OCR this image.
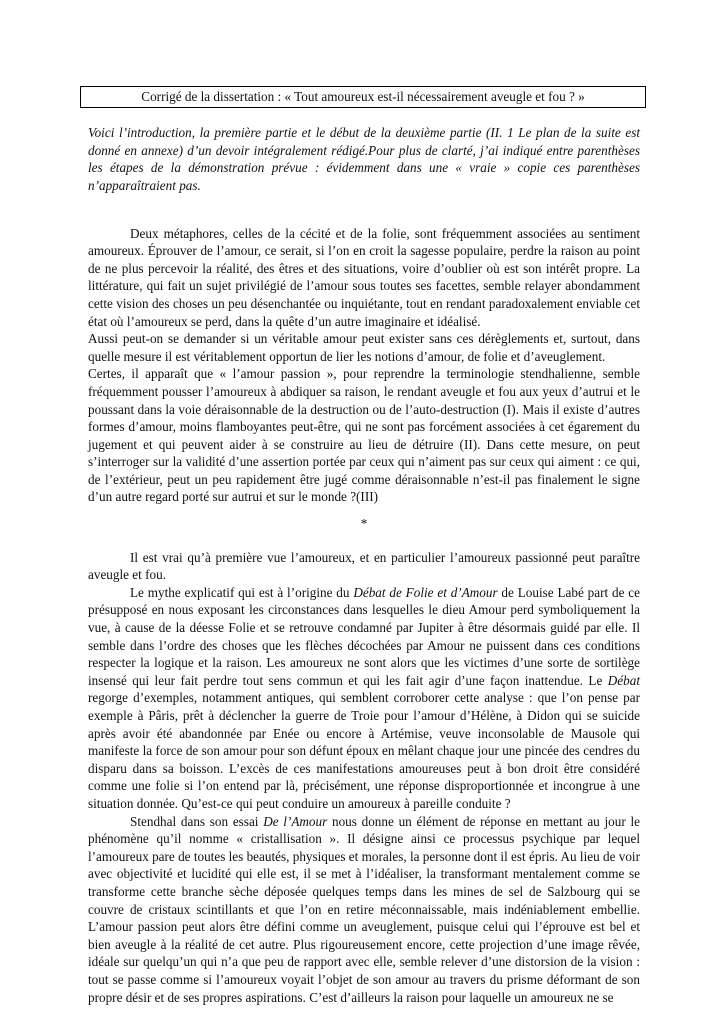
Corrigé de la dissertation : « Tout amoureux est-il nécessairement aveugle et fou ? »

Voici l’introduction, la première partie et le début de la deuxième partie (II. 1 Le plan de la suite est donné en annexe) d’un devoir intégralement rédigé.Pour plus de clarté, j’ai indiqué entre parenthèses les étapes de la démonstration prévue : évidemment dans une « vraie » copie ces parenthèses n’apparaîtraient pas.

Deux métaphores, celles de la cécité et de la folie, sont fréquemment associées au sentiment amoureux. Éprouver de l’amour, ce serait, si l’on en croit la sagesse populaire, perdre la raison au point de ne plus percevoir la réalité, des êtres et des situations, voire d’oublier où est son intérêt propre. La littérature, qui fait un sujet privilégié de l’amour sous toutes ses facettes, semble relayer abondamment cette vision des choses un peu désenchantée ou inquiétante, tout en rendant paradoxalement enviable cet état où l’amoureux se perd, dans la quête d’un autre imaginaire et idéalisé.

Aussi peut-on se demander si un véritable amour peut exister sans ces dérèglements et, surtout, dans quelle mesure il est véritablement opportun de lier les notions d’amour, de folie et d’aveuglement.

Certes, il apparaît que « l’amour passion », pour reprendre la terminologie stendhalienne, semble fréquemment pousser l’amoureux à abdiquer sa raison, le rendant aveugle et fou aux yeux d’autrui et le poussant dans la voie déraisonnable de la destruction ou de l’auto-destruction (I). Mais il existe d’autres formes d’amour, moins flamboyantes peut-être, qui ne sont pas forcément associées à cet égarement du jugement et qui peuvent aider à se construire au lieu de détruire (II). Dans cette mesure, on peut s’interroger sur la validité d’une assertion portée par ceux qui n’aiment pas sur ceux qui aiment : ce qui, de l’extérieur, peut un peu rapidement être jugé comme déraisonnable n’est-il pas finalement le signe d’un autre regard porté sur autrui et sur le monde ?(III)

*

Il est vrai qu’à première vue l’amoureux, et en particulier l’amoureux passionné peut paraître aveugle et fou.

Le mythe explicatif qui est à l’origine du Débat de Folie et d’Amour de Louise Labé part de ce présupposé en nous exposant les circonstances dans lesquelles le dieu Amour perd symboliquement la vue, à cause de la déesse Folie et se retrouve condamné par Jupiter à être désormais guidé par elle. Il semble dans l’ordre des choses que les flèches décochées par Amour ne puissent dans ces conditions respecter la logique et la raison. Les amoureux ne sont alors que les victimes d’une sorte de sortilège insensé qui leur fait perdre tout sens commun et qui les fait agir d’une façon inattendue. Le Débat regorge d’exemples, notamment antiques, qui semblent corroborer cette analyse : que l’on pense par exemple à Pâris, prêt à déclencher la guerre de Troie pour l’amour d’Hélène, à Didon qui se suicide après avoir été abandonnée par Enée ou encore à Artémise, veuve inconsolable de Mausole qui manifeste la force de son amour pour son défunt époux en mêlant chaque jour une pincée des cendres du disparu dans sa boisson. L’excès de ces manifestations amoureuses peut à bon droit être considéré comme une folie si l’on entend par là, précisément, une réponse disproportionnée et incongrue à une situation donnée. Qu’est-ce qui peut conduire un amoureux à pareille conduite ?

Stendhal dans son essai De l’Amour nous donne un élément de réponse en mettant au jour le phénomène qu’il nomme « cristallisation ». Il désigne ainsi ce processus psychique par lequel l’amoureux pare de toutes les beautés, physiques et morales, la personne dont il est épris. Au lieu de voir avec objectivité et lucidité qui elle est, il se met à l’idéaliser, la transformant mentalement comme se transforme cette branche sèche déposée quelques temps dans les mines de sel de Salzbourg qui se couvre de cristaux scintillants et que l’on en retire méconnaissable, mais indéniablement embellie. L’amour passion peut alors être défini comme un aveuglement, puisque celui qui l’éprouve est bel et bien aveugle à la réalité de cet autre. Plus rigoureusement encore, cette projection d’une image rêvée, idéale sur quelqu’un qui n’a que peu de rapport avec elle, semble relever d’une distorsion de la vision : tout se passe comme si l’amoureux voyait l’objet de son amour au travers du prisme déformant de son propre désir et de ses propres aspirations. C’est d’ailleurs la raison pour laquelle un amoureux ne se
